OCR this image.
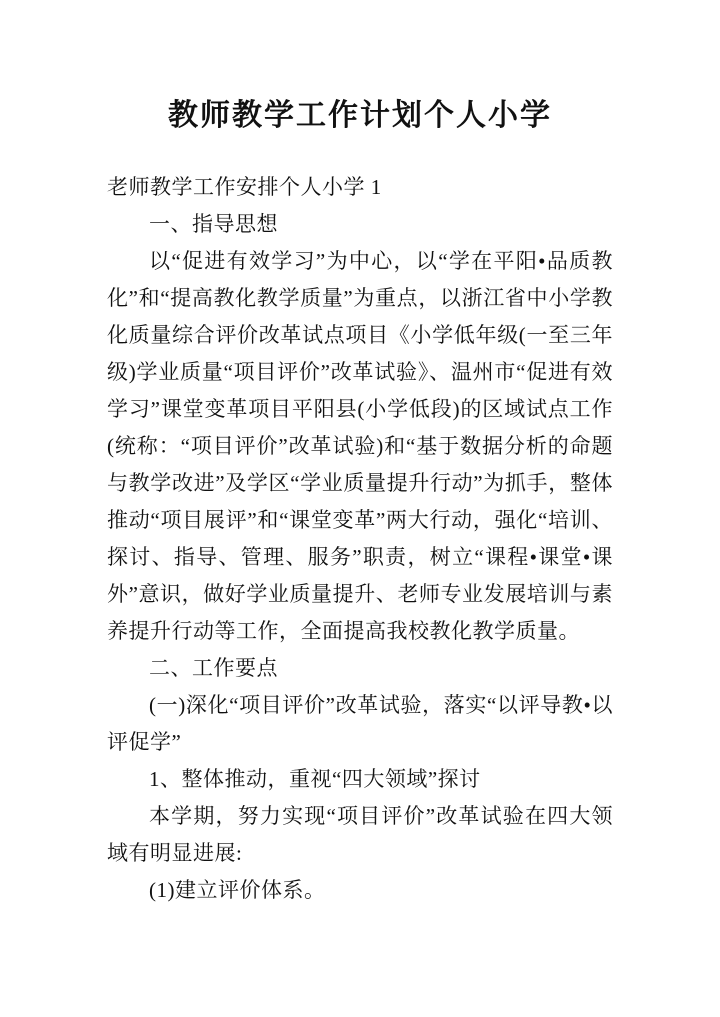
教师教学工作计划个人小学

老师教学工作安排个人小学 1

一、指导思想

以“促进有效学习”为中心，以“学在平阳•品质教化”和“提高教化教学质量”为重点，以浙江省中小学教化质量综合评价改革试点项目《小学低年级(一至三年级)学业质量“项目评价”改革试验》、温州市“促进有效学习”课堂变革项目平阳县(小学低段)的区域试点工作(统称：“项目评价”改革试验)和“基于数据分析的命题与教学改进”及学区“学业质量提升行动”为抓手，整体推动“项目展评”和“课堂变革”两大行动，强化“培训、探讨、指导、管理、服务”职责，树立“课程•课堂•课外”意识，做好学业质量提升、老师专业发展培训与素养提升行动等工作，全面提高我校教化教学质量。

二、工作要点

(一)深化“项目评价”改革试验，落实“以评导教•以评促学”

1、整体推动，重视“四大领域”探讨

本学期，努力实现“项目评价”改革试验在四大领域有明显进展:

(1)建立评价体系。
